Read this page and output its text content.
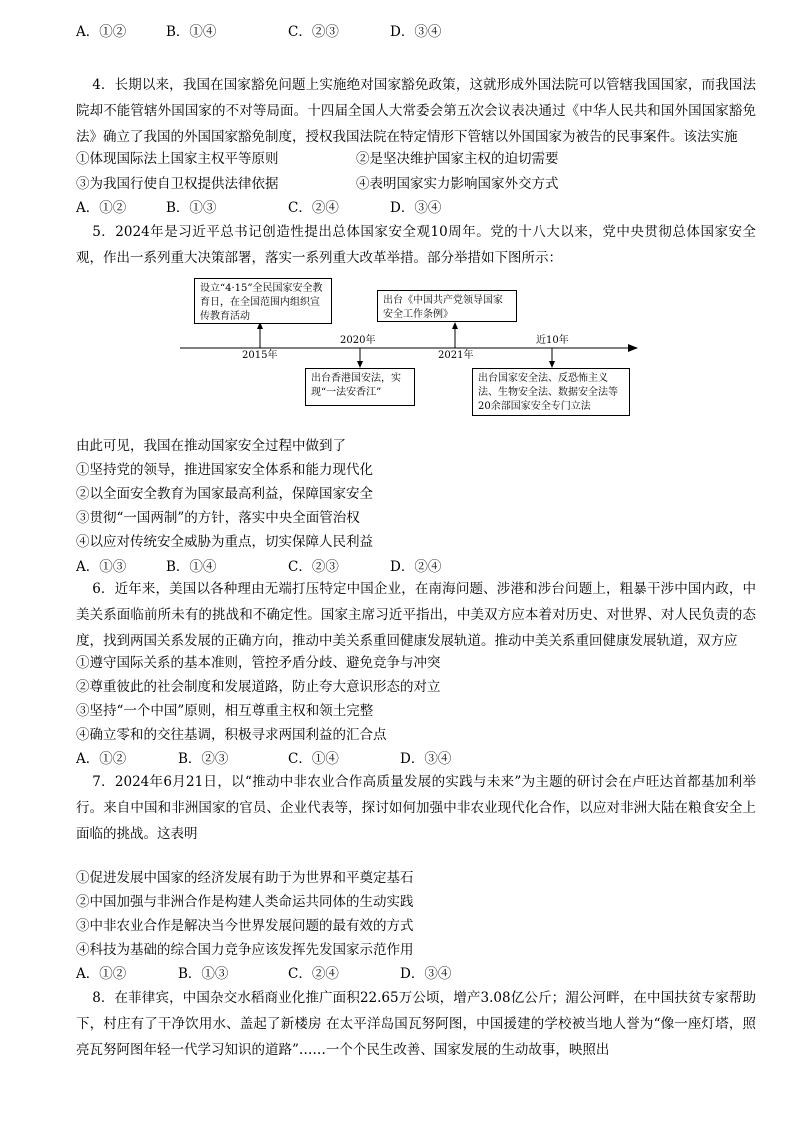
A．①②	B．①④	C．②③	D．③④
4．长期以来，我国在国家豁免问题上实施绝对国家豁免政策，这就形成外国法院可以管辖我国国家，而我国法院却不能管辖外国国家的不对等局面。十四届全国人大常委会第五次会议表决通过《中华人民共和国外国国家豁免法》确立了我国的外国国家豁免制度，授权我国法院在特定情形下管辖以外国国家为被告的民事案件。该法实施
①体现国际法上国家主权平等原则	②是坚决维护国家主权的迫切需要
③为我国行使自卫权提供法律依据	④表明国家实力影响国家外交方式
A．①②	B．①③	C．②④	D．③④
5．2024年是习近平总书记创造性提出总体国家安全观10周年。党的十八大以来，党中央贯彻总体国家安全观，作出一系列重大决策部署，落实一系列重大改革举措。部分举措如下图所示：
设立“4·15”全民国家安全教育日，在全国范围内组织宣传教育活动
出台《中国共产党领导国家安全工作条例》
出台香港国安法，实现“一法安香江”
出台国家安全法、反恐怖主义法、生物安全法、数据安全法等20余部国家安全专门立法
2015年
2020年
2021年
近10年
由此可见，我国在推动国家安全过程中做到了
①坚持党的领导，推进国家安全体系和能力现代化
②以全面安全教育为国家最高利益，保障国家安全
③贯彻“一国两制”的方针，落实中央全面管治权
④以应对传统安全威胁为重点，切实保障人民利益
A．①③	B．①④	C．②③	D．②④
6．近年来，美国以各种理由无端打压特定中国企业，在南海问题、涉港和涉台问题上，粗暴干涉中国内政，中美关系面临前所未有的挑战和不确定性。国家主席习近平指出，中美双方应本着对历史、对世界、对人民负责的态度，找到两国关系发展的正确方向，推动中美关系重回健康发展轨道。推动中美关系重回健康发展轨道，双方应
①遵守国际关系的基本准则，管控矛盾分歧、避免竞争与冲突
②尊重彼此的社会制度和发展道路，防止夸大意识形态的对立
③坚持“一个中国”原则，相互尊重主权和领土完整
④确立零和的交往基调，积极寻求两国利益的汇合点
A．①②	B．②③	C．①④	D．③④
7．2024年6月21日，以“推动中非农业合作高质量发展的实践与未来”为主题的研讨会在卢旺达首都基加利举行。来自中国和非洲国家的官员、企业代表等，探讨如何加强中非农业现代化合作，以应对非洲大陆在粮食安全上面临的挑战。这表明
①促进发展中国家的经济发展有助于为世界和平奠定基石
②中国加强与非洲合作是构建人类命运共同体的生动实践
③中非农业合作是解决当今世界发展问题的最有效的方式
④科技为基础的综合国力竞争应该发挥先发国家示范作用
A．①②	B．①③	C．②④	D．③④
8．在菲律宾，中国杂交水稻商业化推广面积22.65万公顷，增产3.08亿公斤；湄公河畔，在中国扶贫专家帮助下，村庄有了干净饮用水、盖起了新楼房 在太平洋岛国瓦努阿图，中国援建的学校被当地人誉为“像一座灯塔，照亮瓦努阿图年轻一代学习知识的道路”……一个个民生改善、国家发展的生动故事，映照出
